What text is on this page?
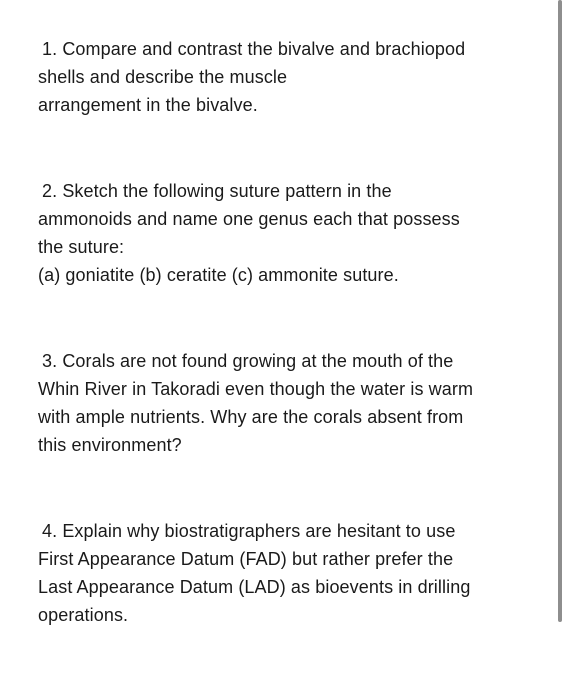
1. Compare and contrast the bivalve and brachiopod
shells and describe the muscle
arrangement in the bivalve.
2. Sketch the following suture pattern in the
ammonoids and name one genus each that possess
the suture:
(a) goniatite (b) ceratite (c) ammonite suture.
3. Corals are not found growing at the mouth of the
Whin River in Takoradi even though the water is warm
with ample nutrients. Why are the corals absent from
this environment?
4. Explain why biostratigraphers are hesitant to use
First Appearance Datum (FAD) but rather prefer the
Last Appearance Datum (LAD) as bioevents in drilling
operations.
